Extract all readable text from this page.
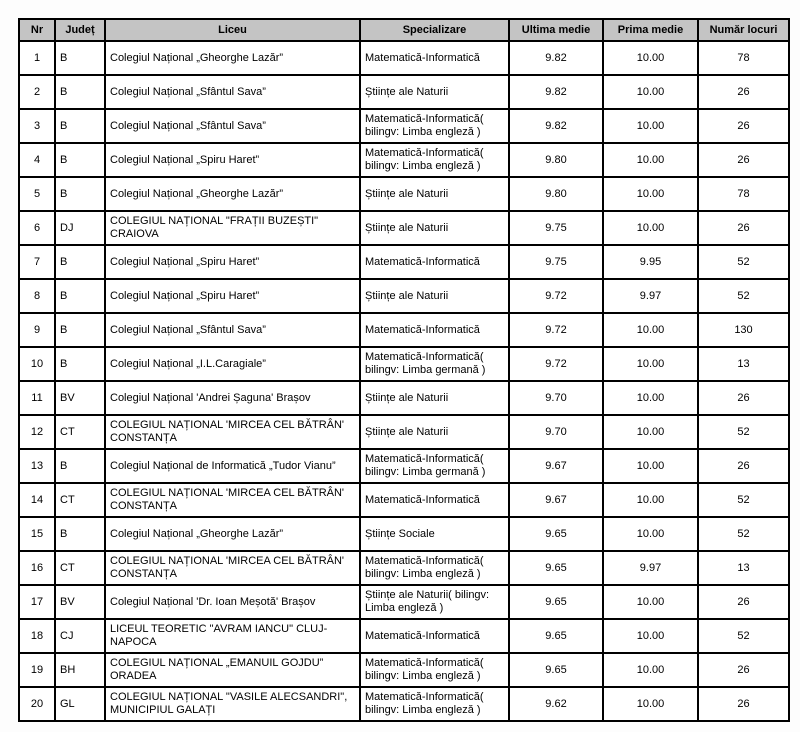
Nr	Județ	Liceu	Specializare	Ultima medie	Prima medie	Număr locuri
1	B	Colegiul Național „Gheorghe Lazăr”	Matematică-Informatică	9.82	10.00	78
2	B	Colegiul Național „Sfântul Sava”	Științe ale Naturii	9.82	10.00	26
3	B	Colegiul Național „Sfântul Sava”	Matematică-Informatică( bilingv: Limba engleză )	9.82	10.00	26
4	B	Colegiul Național „Spiru Haret”	Matematică-Informatică( bilingv: Limba engleză )	9.80	10.00	26
5	B	Colegiul Național „Gheorghe Lazăr”	Științe ale Naturii	9.80	10.00	78
6	DJ	COLEGIUL NAȚIONAL "FRAȚII BUZEȘTI" CRAIOVA	Științe ale Naturii	9.75	10.00	26
7	B	Colegiul Național „Spiru Haret”	Matematică-Informatică	9.75	9.95	52
8	B	Colegiul Național „Spiru Haret”	Științe ale Naturii	9.72	9.97	52
9	B	Colegiul Național „Sfântul Sava”	Matematică-Informatică	9.72	10.00	130
10	B	Colegiul Național „I.L.Caragiale”	Matematică-Informatică( bilingv: Limba germană )	9.72	10.00	13
11	BV	Colegiul Național 'Andrei Șaguna' Brașov	Științe ale Naturii	9.70	10.00	26
12	CT	COLEGIUL NAȚIONAL 'MIRCEA CEL BĂTRÂN' CONSTANȚA	Științe ale Naturii	9.70	10.00	52
13	B	Colegiul Național de Informatică „Tudor Vianu”	Matematică-Informatică( bilingv: Limba germană )	9.67	10.00	26
14	CT	COLEGIUL NAȚIONAL 'MIRCEA CEL BĂTRÂN' CONSTANȚA	Matematică-Informatică	9.67	10.00	52
15	B	Colegiul Național „Gheorghe Lazăr”	Științe Sociale	9.65	10.00	52
16	CT	COLEGIUL NAȚIONAL 'MIRCEA CEL BĂTRÂN' CONSTANȚA	Matematică-Informatică( bilingv: Limba engleză )	9.65	9.97	13
17	BV	Colegiul Național 'Dr. Ioan Meșotă' Brașov	Științe ale Naturii( bilingv: Limba engleză )	9.65	10.00	26
18	CJ	LICEUL TEORETIC "AVRAM IANCU" CLUJ-NAPOCA	Matematică-Informatică	9.65	10.00	52
19	BH	COLEGIUL NAȚIONAL „EMANUIL GOJDU” ORADEA	Matematică-Informatică( bilingv: Limba engleză )	9.65	10.00	26
20	GL	COLEGIUL NAȚIONAL "VASILE ALECSANDRI", MUNICIPIUL GALAȚI	Matematică-Informatică( bilingv: Limba engleză )	9.62	10.00	26
